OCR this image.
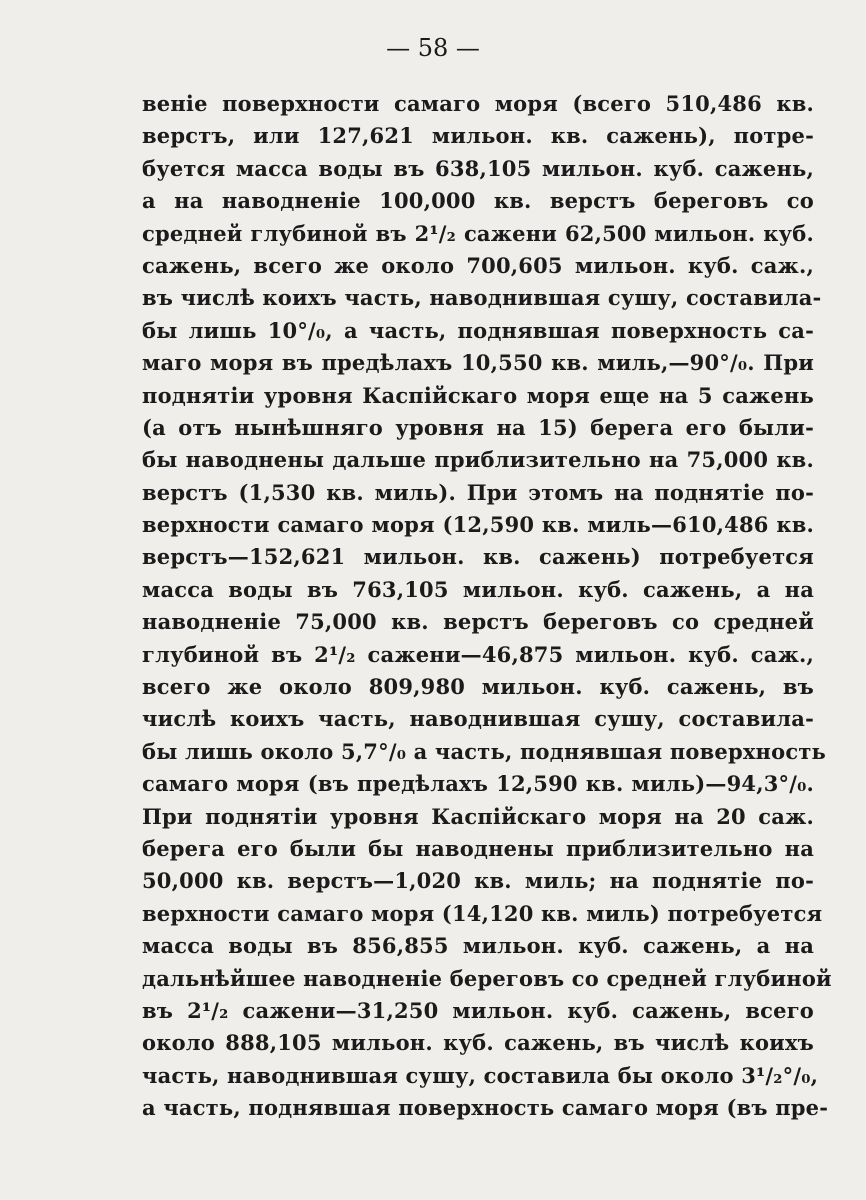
— 58 —

веніе поверхности самаго моря (всего 510,486 кв.
верстъ, или 127,621 мильон. кв. сажень), потре-
буется масса воды въ 638,105 мильон. куб. сажень,
а на наводненіе 100,000 кв. верстъ береговъ со
средней глубиной въ 2¹/₂ сажени 62,500 мильон. куб.
сажень, всего же около 700,605 мильон. куб. саж.,
въ числѣ коихъ часть, наводнившая сушу, составила-
бы лишь 10°/₀, а часть, поднявшая поверхность са-
маго моря въ предѣлахъ 10,550 кв. миль,—90°/₀. При
поднятіи уровня Каспійскаго моря еще на 5 сажень
(а отъ нынѣшняго уровня на 15) берега его были-
бы наводнены дальше приблизительно на 75,000 кв.
верстъ (1,530 кв. миль). При этомъ на поднятіе по-
верхности самаго моря (12,590 кв. миль—610,486 кв.
верстъ—152,621 мильон. кв. сажень) потребуется
масса воды въ 763,105 мильон. куб. сажень, а на
наводненіе 75,000 кв. верстъ береговъ со средней
глубиной въ 2¹/₂ сажени—46,875 мильон. куб. саж.,
всего же около 809,980 мильон. куб. сажень, въ
числѣ коихъ часть, наводнившая сушу, составила-
бы лишь около 5,7°/₀ а часть, поднявшая поверхность
самаго моря (въ предѣлахъ 12,590 кв. миль)—94,3°/₀.
При поднятіи уровня Каспійскаго моря на 20 саж.
берега его были бы наводнены приблизительно на
50,000 кв. верстъ—1,020 кв. миль; на поднятіе по-
верхности самаго моря (14,120 кв. миль) потребуется
масса воды въ 856,855 мильон. куб. сажень, а на
дальнѣйшее наводненіе береговъ со средней глубиной
въ 2¹/₂ сажени—31,250 мильон. куб. сажень, всего
около 888,105 мильон. куб. сажень, въ числѣ коихъ
часть, наводнившая сушу, составила бы около 3¹/₂°/₀,
а часть, поднявшая поверхность самаго моря (въ пре-
